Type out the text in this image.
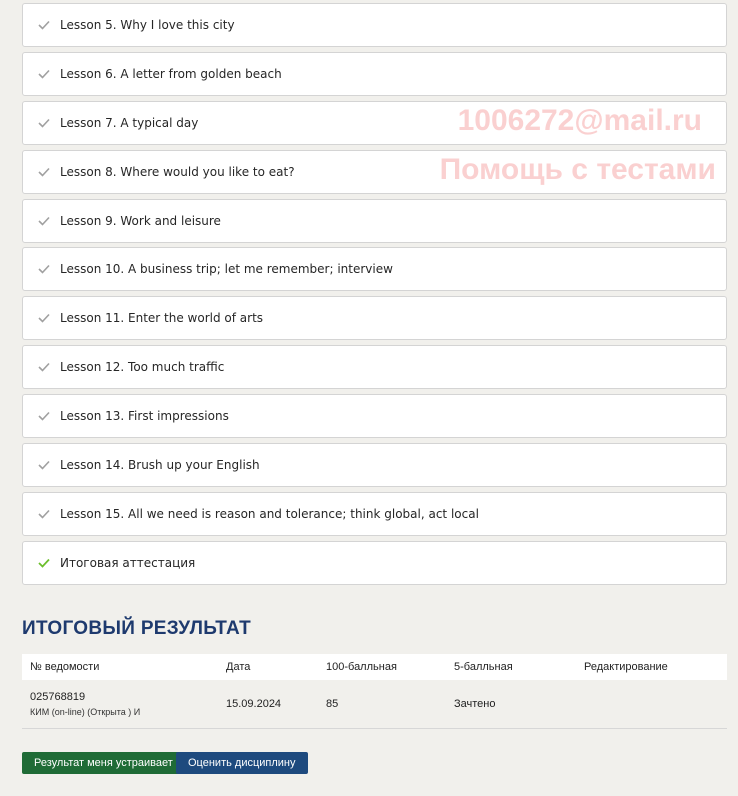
Lesson 5. Why I love this city
Lesson 6. A letter from golden beach
Lesson 7. A typical day
Lesson 8. Where would you like to eat?
Lesson 9. Work and leisure
Lesson 10. A business trip; let me remember; interview
Lesson 11. Enter the world of arts
Lesson 12. Too much traffic
Lesson 13. First impressions
Lesson 14. Brush up your English
Lesson 15. All we need is reason and tolerance; think global, act local
Итоговая аттестация
1006272@mail.ru
Помощь с тестами
ИТОГОВЫЙ РЕЗУЛЬТАТ
№ ведомости	Дата	100-балльная	5-балльная	Редактирование

025768819
КИМ (on-line) (Открыта ) И	15.09.2024	85	Зачтено	
Результат меня устраивает	Оценить дисциплину
